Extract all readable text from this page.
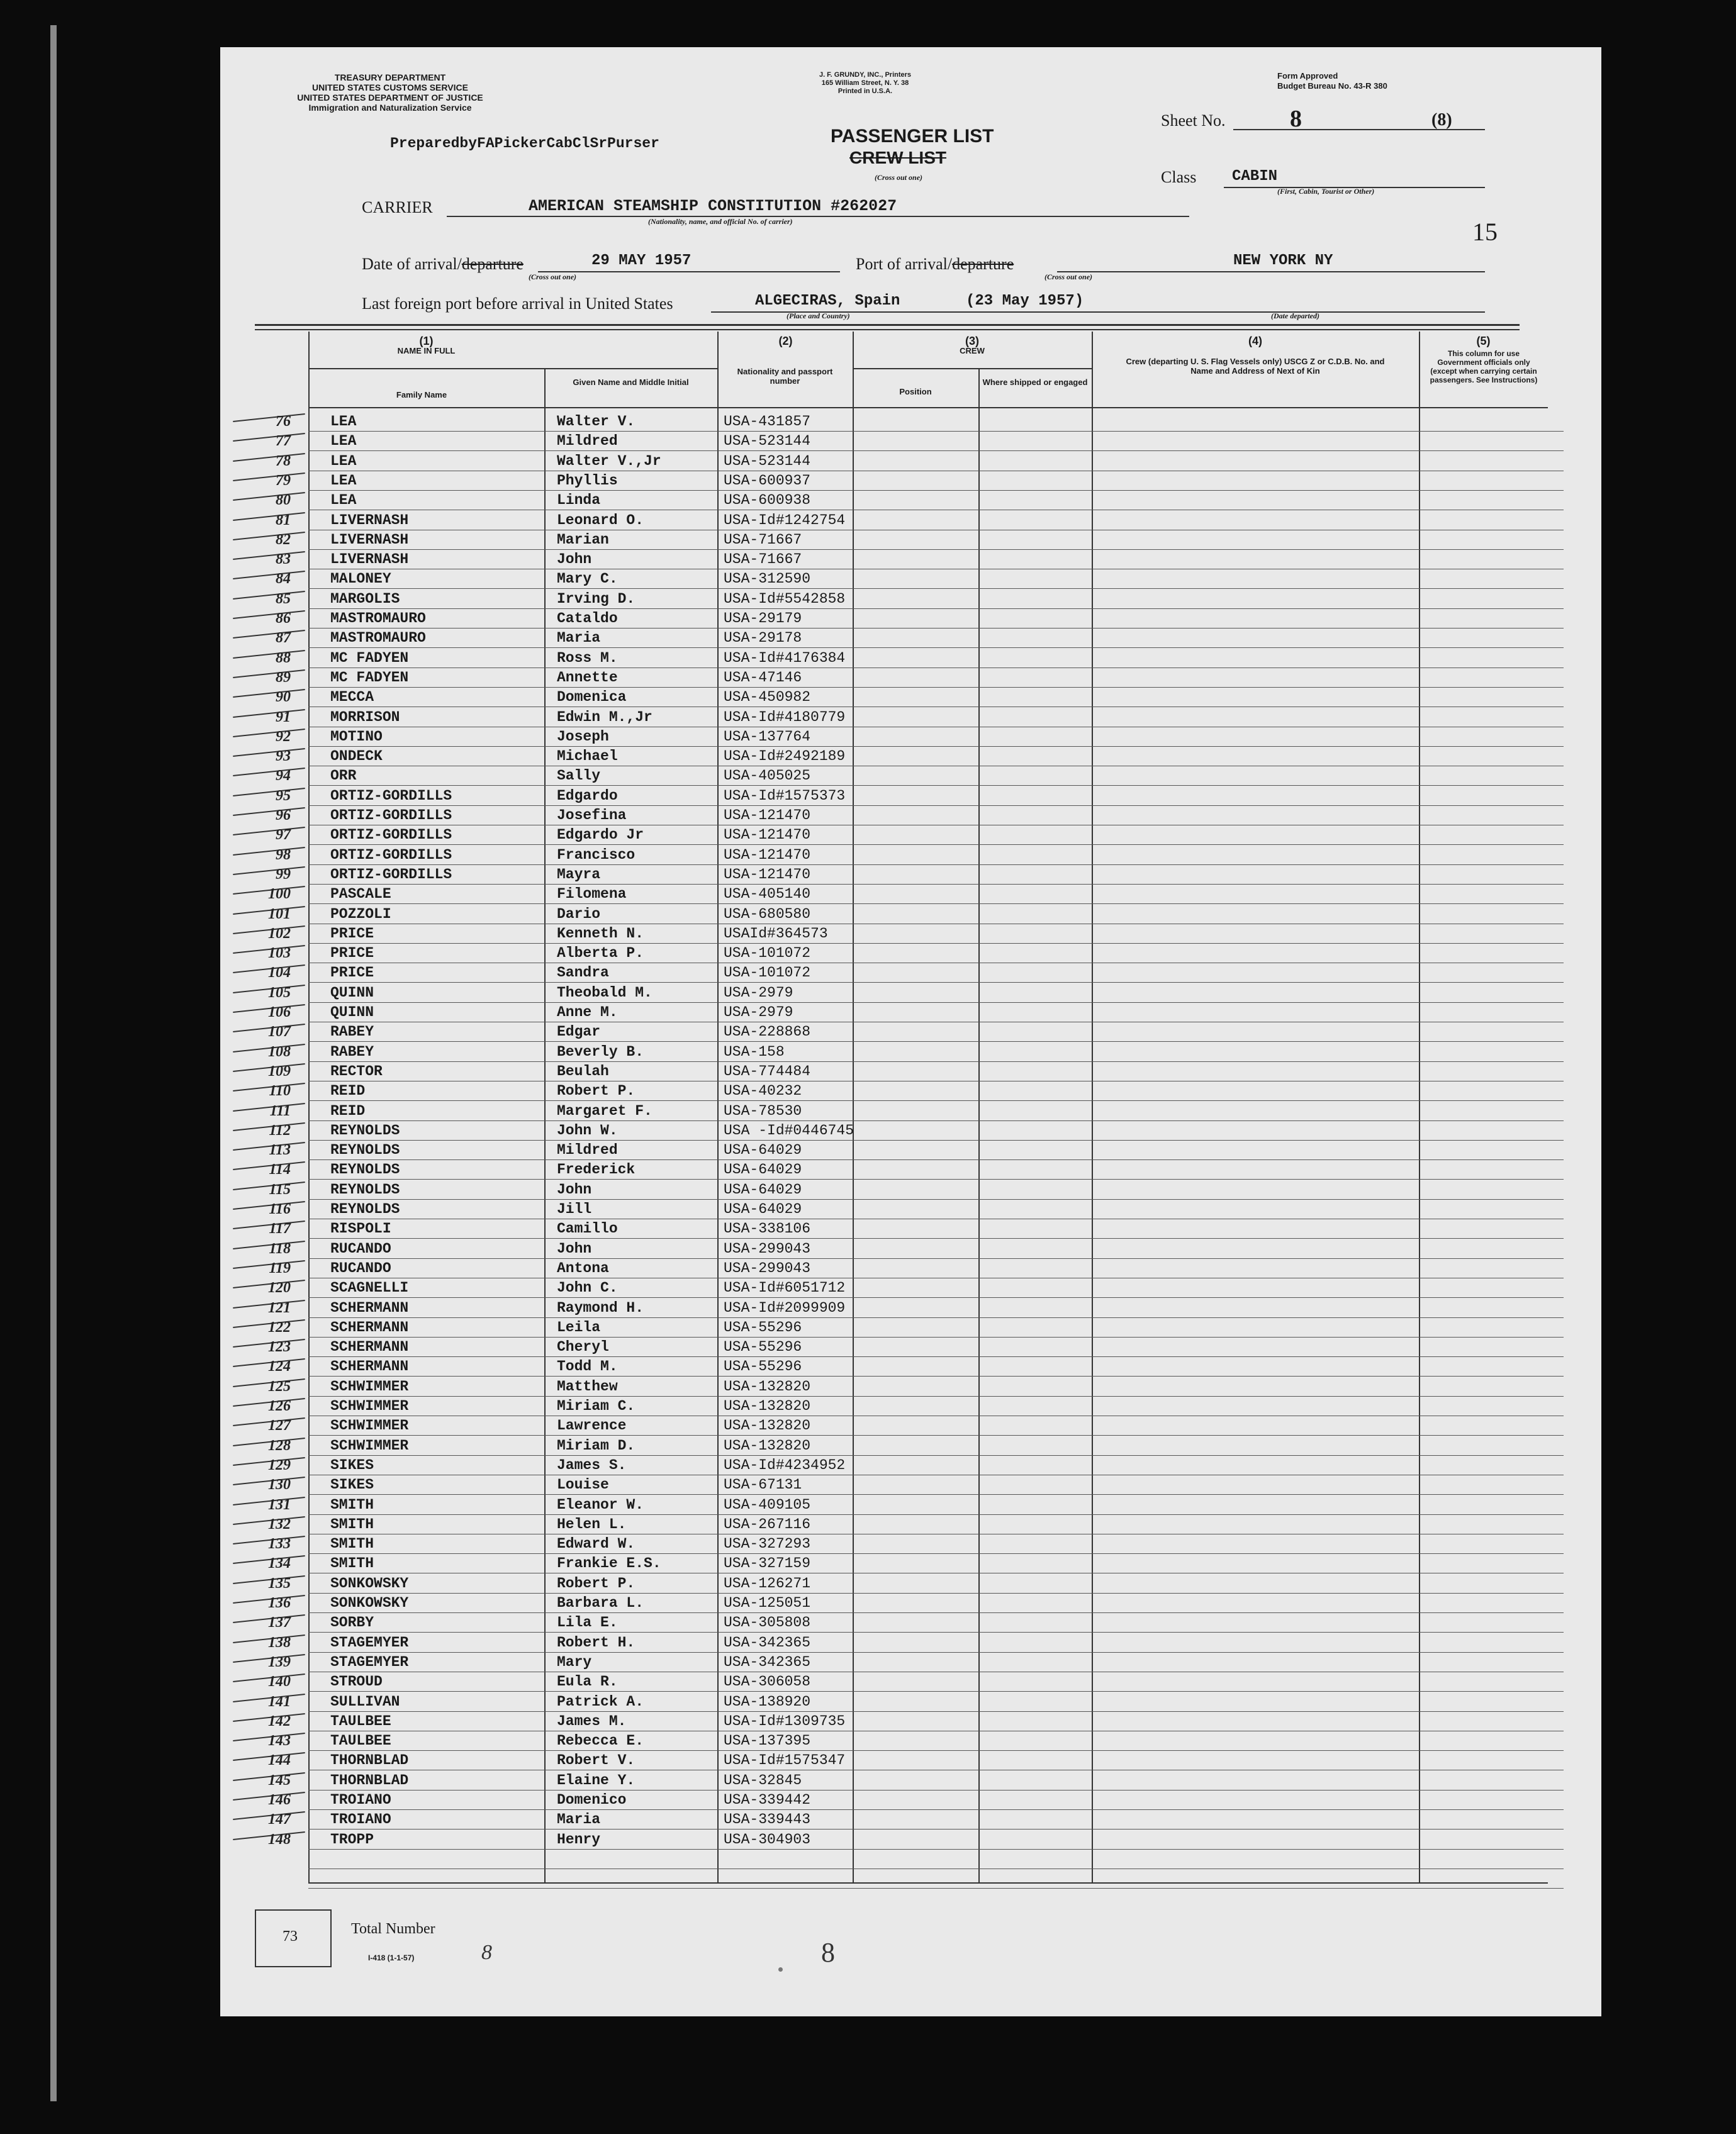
TREASURY DEPARTMENT
UNITED STATES CUSTOMS SERVICE
UNITED STATES DEPARTMENT OF JUSTICE
Immigration and Naturalization Service
J. F. GRUNDY, INC., Printers
165 William Street, N. Y. 38
Printed in U.S.A.
Form Approved
Budget Bureau No. 43-R 380
PreparedbyFAPickerCabClSrPurser	PASSENGER LIST
CREW LIST
(Cross out one)
Sheet No.	8	(8)
Class CABIN
(First, Cabin, Tourist or Other)
15
CARRIER	AMERICAN STEAMSHIP CONSTITUTION #262027
(Nationality, name, and official No. of carrier)
Date of arrival/departure	29 MAY 1957
(Cross out one)
Port of arrival/departure	NEW YORK NY
(Cross out one)
Last foreign port before arrival in United States	ALGECIRAS, Spain	(23 May 1957)
(Place and Country)	(Date departed)
(1)
NAME IN FULL
Family Name
Given Name and Middle Initial
(2)
Nationality and passport number
(3)
CREW
Position
Where shipped or engaged
(4)
Crew (departing U. S. Flag Vessels only) USCG Z or C.D.B. No. and Name and Address of Next of Kin
(5)
This column for use Government officials only (except when carrying certain passengers. See Instructions)
76	LEA	Walter V.	USA-431857
77	LEA	Mildred	USA-523144
78	LEA	Walter V.,Jr	USA-523144
79	LEA	Phyllis	USA-600937
80	LEA	Linda	USA-600938
81	LIVERNASH	Leonard O.	USA-Id#1242754
82	LIVERNASH	Marian	USA-71667
83	LIVERNASH	John	USA-71667
84	MALONEY	Mary C.	USA-312590
85	MARGOLIS	Irving D.	USA-Id#5542858
86	MASTROMAURO	Cataldo	USA-29179
87	MASTROMAURO	Maria	USA-29178
88	MC FADYEN	Ross M.	USA-Id#4176384
89	MC FADYEN	Annette	USA-47146
90	MECCA	Domenica	USA-450982
91	MORRISON	Edwin M.,Jr	USA-Id#4180779
92	MOTINO	Joseph	USA-137764
93	ONDECK	Michael	USA-Id#2492189
94	ORR	Sally	USA-405025
95	ORTIZ-GORDILLS	Edgardo	USA-Id#1575373
96	ORTIZ-GORDILLS	Josefina	USA-121470
97	ORTIZ-GORDILLS	Edgardo Jr	USA-121470
98	ORTIZ-GORDILLS	Francisco	USA-121470
99	ORTIZ-GORDILLS	Mayra	USA-121470
100	PASCALE	Filomena	USA-405140
101	POZZOLI	Dario	USA-680580
102	PRICE	Kenneth N.	USAId#364573
103	PRICE	Alberta P.	USA-101072
104	PRICE	Sandra	USA-101072
105	QUINN	Theobald M.	USA-2979
106	QUINN	Anne M.	USA-2979
107	RABEY	Edgar	USA-228868
108	RABEY	Beverly B.	USA-158
109	RECTOR	Beulah	USA-774484
110	REID	Robert P.	USA-40232
111	REID	Margaret F.	USA-78530
112	REYNOLDS	John W.	USA -Id#0446745
113	REYNOLDS	Mildred	USA-64029
114	REYNOLDS	Frederick	USA-64029
115	REYNOLDS	John	USA-64029
116	REYNOLDS	Jill	USA-64029
117	RISPOLI	Camillo	USA-338106
118	RUCANDO	John	USA-299043
119	RUCANDO	Antona	USA-299043
120	SCAGNELLI	John C.	USA-Id#6051712
121	SCHERMANN	Raymond H.	USA-Id#2099909
122	SCHERMANN	Leila	USA-55296
123	SCHERMANN	Cheryl	USA-55296
124	SCHERMANN	Todd M.	USA-55296
125	SCHWIMMER	Matthew	USA-132820
126	SCHWIMMER	Miriam C.	USA-132820
127	SCHWIMMER	Lawrence	USA-132820
128	SCHWIMMER	Miriam D.	USA-132820
129	SIKES	James S.	USA-Id#4234952
130	SIKES	Louise	USA-67131
131	SMITH	Eleanor W.	USA-409105
132	SMITH	Helen L.	USA-267116
133	SMITH	Edward W.	USA-327293
134	SMITH	Frankie E.S.	USA-327159
135	SONKOWSKY	Robert P.	USA-126271
136	SONKOWSKY	Barbara L.	USA-125051
137	SORBY	Lila E.	USA-305808
138	STAGEMYER	Robert H.	USA-342365
139	STAGEMYER	Mary	USA-342365
140	STROUD	Eula R.	USA-306058
141	SULLIVAN	Patrick A.	USA-138920
142	TAULBEE	James M.	USA-Id#1309735
143	TAULBEE	Rebecca E.	USA-137395
144	THORNBLAD	Robert V.	USA-Id#1575347
145	THORNBLAD	Elaine Y.	USA-32845
146	TROIANO	Domenico	USA-339442
147	TROIANO	Maria	USA-339443
148	TROPP	Henry	USA-304903
73	Total Number
I-418 (1-1-57)	8	8
